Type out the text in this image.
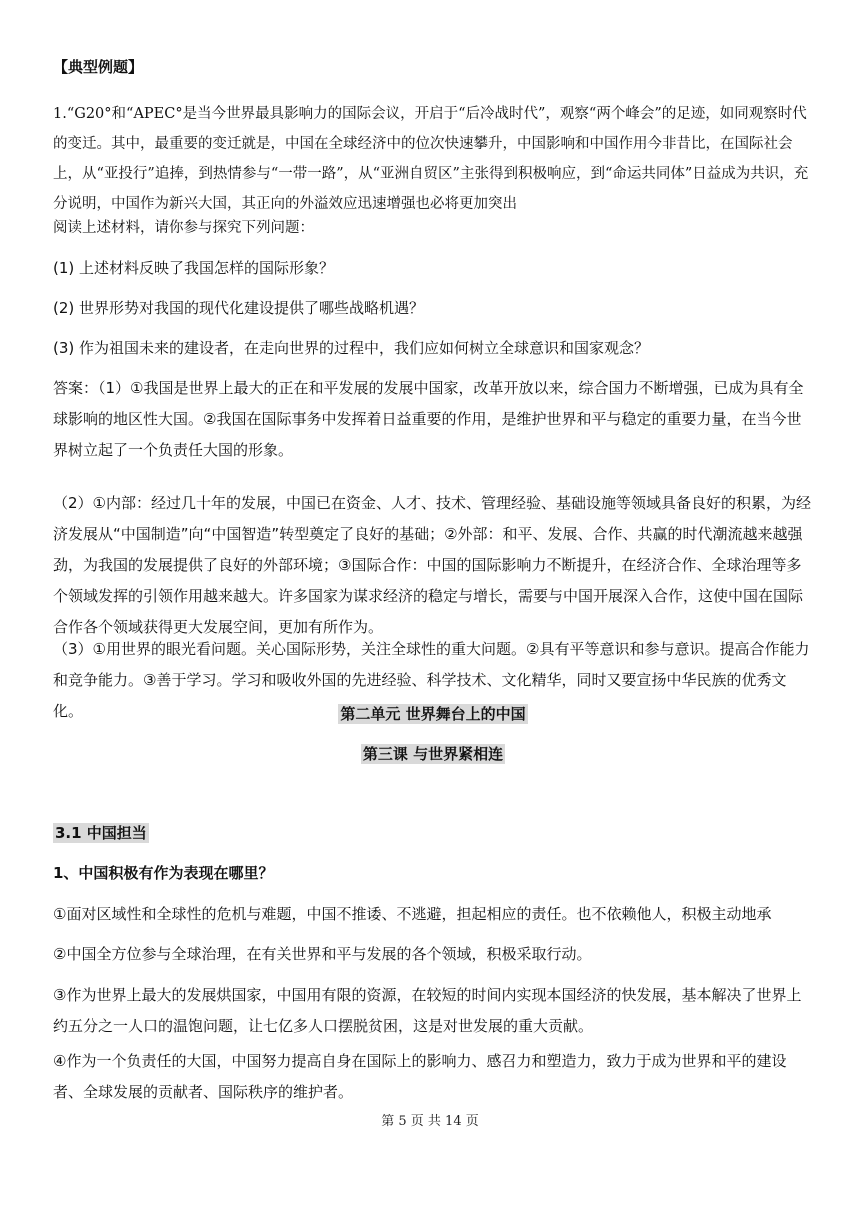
【典型例题】

1.“G20°和“APEC°是当今世界最具影响力的国际会议，开启于“后冷战时代”，观察“两个峰会”的足迹，如同观察时代的变迁。其中，最重要的变迁就是，中国在全球经济中的位次快速攀升，中国影响和中国作用今非昔比，在国际社会上，从“亚投行”追捧，到热情参与“一带一路”，从“亚洲自贸区”主张得到积极响应，到“命运共同体”日益成为共识，充分说明，中国作为新兴大国，其正向的外溢效应迅速增强也必将更加突出

阅读上述材料，请你参与探究下列问题：

(1) 上述材料反映了我国怎样的国际形象？

(2) 世界形势对我国的现代化建设提供了哪些战略机遇？

(3) 作为祖国未来的建设者，在走向世界的过程中，我们应如何树立全球意识和国家观念？

答案：（1）①我国是世界上最大的正在和平发展的发展中国家，改革开放以来，综合国力不断增强，已成为具有全球影响的地区性大国。②我国在国际事务中发挥着日益重要的作用，是维护世界和平与稳定的重要力量，在当今世界树立起了一个负责任大国的形象。

（2）①内部：经过几十年的发展，中国已在资金、人才、技术、管理经验、基础设施等领域具备良好的积累，为经济发展从“中国制造”向“中国智造”转型奠定了良好的基础；②外部：和平、发展、合作、共赢的时代潮流越来越强劲，为我国的发展提供了良好的外部环境；③国际合作：中国的国际影响力不断提升，在经济合作、全球治理等多个领域发挥的引领作用越来越大。许多国家为谋求经济的稳定与增长，需要与中国开展深入合作，这使中国在国际合作各个领域获得更大发展空间，更加有所作为。

（3）①用世界的眼光看问题。关心国际形势，关注全球性的重大问题。②具有平等意识和参与意识。提高合作能力和竞争能力。③善于学习。学习和吸收外国的先进经验、科学技术、文化精华，同时又要宣扬中华民族的优秀文化。	第二单元 世界舞台上的中国

第三课 与世界紧相连

3.1 中国担当

1、中国积极有作为表现在哪里？

①面对区域性和全球性的危机与难题，中国不推诿、不逃避，担起相应的责任。也不依赖他人，积极主动地承

②中国全方位参与全球治理，在有关世界和平与发展的各个领域，积极采取行动。

③作为世界上最大的发展烘国家，中国用有限的资源，在较短的时间内实现本国经济的快发展，基本解决了世界上约五分之一人口的温饱问题，让七亿多人口摆脱贫困，这是对世发展的重大贡献。

④作为一个负责任的大国，中国努力提高自身在国际上的影响力、感召力和塑造力，致力于成为世界和平的建设者、全球发展的贡献者、国际秩序的维护者。

第 5 页 共 14 页
